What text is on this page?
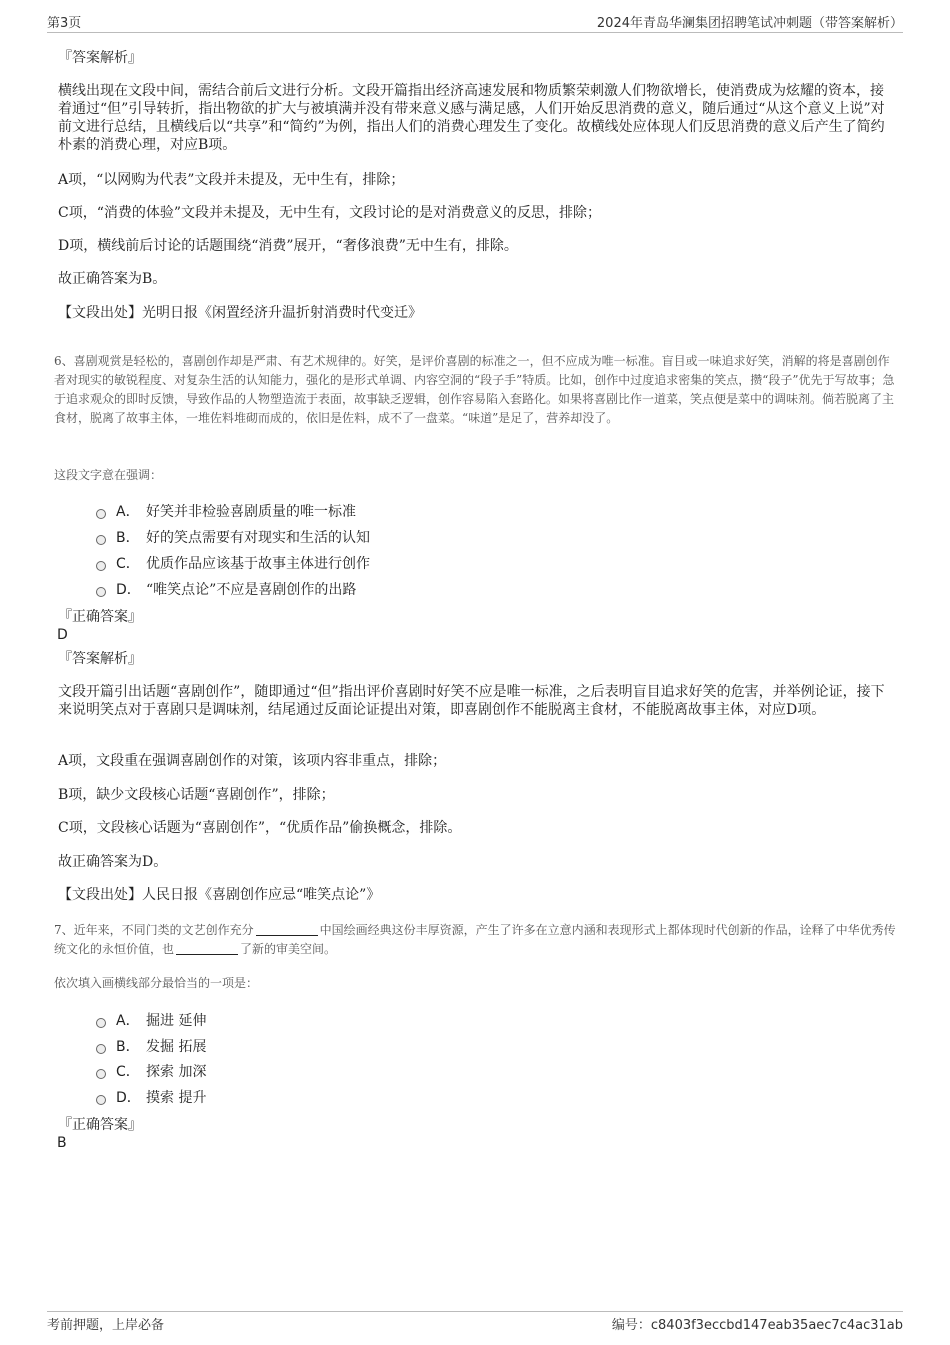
第3页	2024年青岛华澜集团招聘笔试冲刺题（带答案解析）

『答案解析』

横线出现在文段中间，需结合前后文进行分析。文段开篇指出经济高速发展和物质繁荣刺激人们物欲增长，使消费成为炫耀的资本，接着通过“但”引导转折，指出物欲的扩大与被填满并没有带来意义感与满足感，人们开始反思消费的意义，随后通过“从这个意义上说”对前文进行总结，且横线后以“共享”和“简约”为例，指出人们的消费心理发生了变化。故横线处应体现人们反思消费的意义后产生了简约朴素的消费心理，对应B项。

A项，“以网购为代表”文段并未提及，无中生有，排除；

C项，“消费的体验”文段并未提及，无中生有，文段讨论的是对消费意义的反思，排除；

D项，横线前后讨论的话题围绕“消费”展开，“奢侈浪费”无中生有，排除。

故正确答案为B。

【文段出处】光明日报《闲置经济升温折射消费时代变迁》

6、喜剧观赏是轻松的，喜剧创作却是严肃、有艺术规律的。好笑，是评价喜剧的标准之一，但不应成为唯一标准。盲目或一味追求好笑，消解的将是喜剧创作者对现实的敏锐程度、对复杂生活的认知能力，强化的是形式单调、内容空洞的“段子手”特质。比如，创作中过度追求密集的笑点，攒“段子”优先于写故事；急于追求观众的即时反馈，导致作品的人物塑造流于表面，故事缺乏逻辑，创作容易陷入套路化。如果将喜剧比作一道菜，笑点便是菜中的调味剂。倘若脱离了主食材，脱离了故事主体，一堆佐料堆砌而成的，依旧是佐料，成不了一盘菜。“味道”是足了，营养却没了。

这段文字意在强调：

A． 好笑并非检验喜剧质量的唯一标准
B． 好的笑点需要有对现实和生活的认知
C． 优质作品应该基于故事主体进行创作
D． “唯笑点论”不应是喜剧创作的出路

『正确答案』

D

『答案解析』

文段开篇引出话题“喜剧创作”，随即通过“但”指出评价喜剧时好笑不应是唯一标准，之后表明盲目追求好笑的危害，并举例论证，接下来说明笑点对于喜剧只是调味剂，结尾通过反面论证提出对策，即喜剧创作不能脱离主食材，不能脱离故事主体，对应D项。

A项，文段重在强调喜剧创作的对策，该项内容非重点，排除；

B项，缺少文段核心话题“喜剧创作”，排除；

C项，文段核心话题为“喜剧创作”，“优质作品”偷换概念，排除。

故正确答案为D。

【文段出处】人民日报《喜剧创作应忌“唯笑点论”》

7、近年来，不同门类的文艺创作充分	中国绘画经典这份丰厚资源，产生了许多在立意内涵和表现形式上都体现时代创新的作品，诠释了中华优秀传统文化的永恒价值，也	了新的审美空间。

依次填入画横线部分最恰当的一项是：

A． 掘进 延伸
B． 发掘 拓展
C． 探索 加深
D． 摸索 提升

『正确答案』

B
考前押题，上岸必备	编号：c8403f3eccbd147eab35aec7c4ac31ab
